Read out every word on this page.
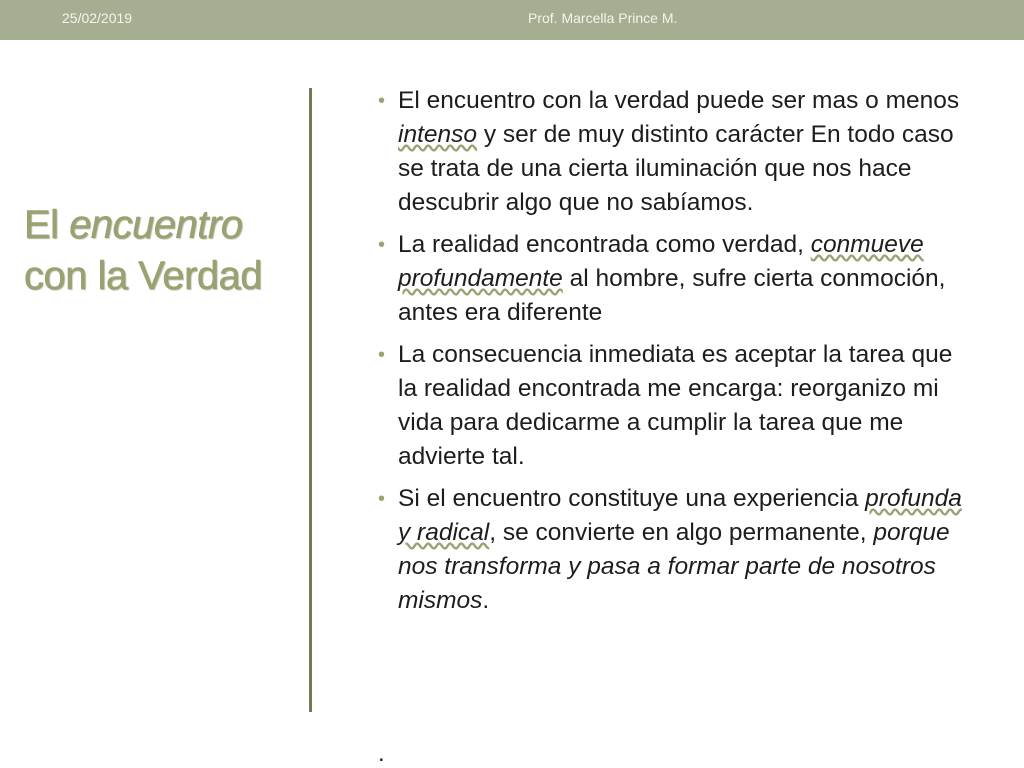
25/02/2019	Prof. Marcella Prince M.
El encuentro con la Verdad
• El encuentro con la verdad puede ser mas o menos intenso y ser de muy distinto carácter En todo caso se trata de una cierta iluminación que nos hace descubrir algo que no sabíamos.
• La realidad encontrada como verdad, conmueve profundamente al hombre, sufre cierta conmoción, antes era diferente
• La consecuencia inmediata es aceptar la tarea que la realidad encontrada me encarga: reorganizo mi vida para dedicarme a cumplir la tarea que me advierte tal.
• Si el encuentro constituye una experiencia profunda y radical, se convierte en algo permanente, porque nos transforma y pasa a formar parte de nosotros mismos.
.
